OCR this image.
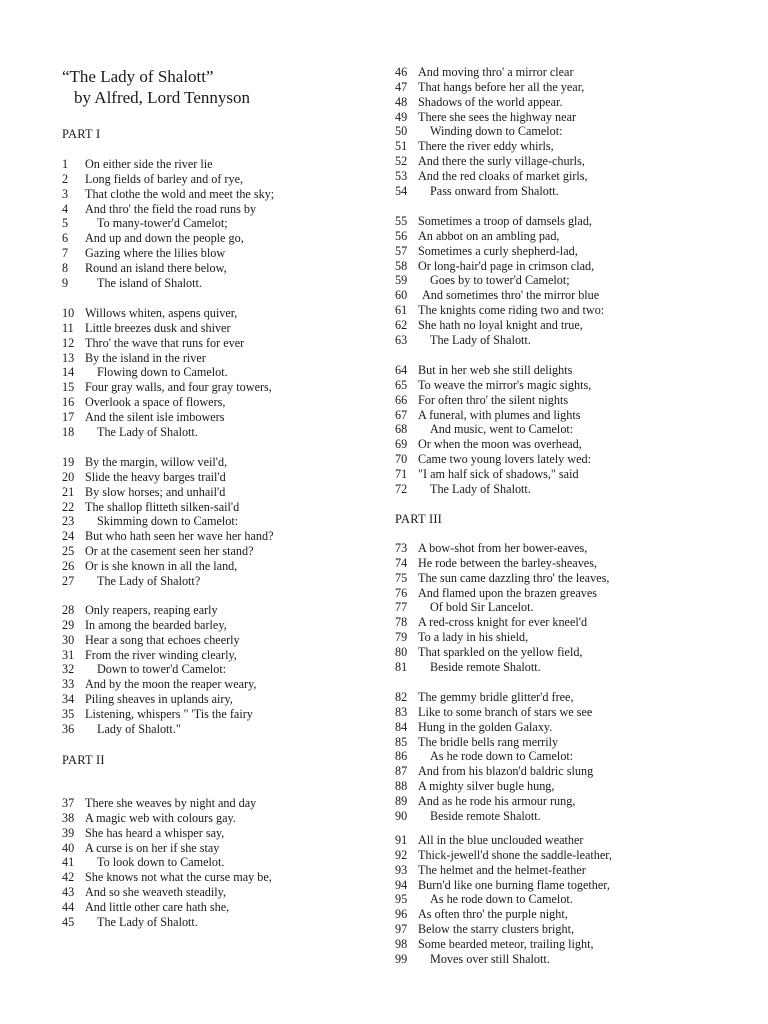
“The Lady of Shalott”
by Alfred, Lord Tennyson
PART I
PART II
PART III
1 On either side the river lie
2 Long fields of barley and of rye,
3 That clothe the wold and meet the sky;
4 And thro' the field the road runs by
5 To many-tower'd Camelot;
6 And up and down the people go,
7 Gazing where the lilies blow
8 Round an island there below,
9 The island of Shalott.
10 Willows whiten, aspens quiver,
11 Little breezes dusk and shiver
12 Thro' the wave that runs for ever
13 By the island in the river
14 Flowing down to Camelot.
15 Four gray walls, and four gray towers,
16 Overlook a space of flowers,
17 And the silent isle imbowers
18 The Lady of Shalott.
19 By the margin, willow veil'd,
20 Slide the heavy barges trail'd
21 By slow horses; and unhail'd
22 The shallop flitteth silken-sail'd
23 Skimming down to Camelot:
24 But who hath seen her wave her hand?
25 Or at the casement seen her stand?
26 Or is she known in all the land,
27 The Lady of Shalott?
28 Only reapers, reaping early
29 In among the bearded barley,
30 Hear a song that echoes cheerly
31 From the river winding clearly,
32 Down to tower'd Camelot:
33 And by the moon the reaper weary,
34 Piling sheaves in uplands airy,
35 Listening, whispers " 'Tis the fairy
36 Lady of Shalott."
37 There she weaves by night and day
38 A magic web with colours gay.
39 She has heard a whisper say,
40 A curse is on her if she stay
41 To look down to Camelot.
42 She knows not what the curse may be,
43 And so she weaveth steadily,
44 And little other care hath she,
45 The Lady of Shalott.
46 And moving thro' a mirror clear
47 That hangs before her all the year,
48 Shadows of the world appear.
49 There she sees the highway near
50 Winding down to Camelot:
51 There the river eddy whirls,
52 And there the surly village-churls,
53 And the red cloaks of market girls,
54 Pass onward from Shalott.
55 Sometimes a troop of damsels glad,
56 An abbot on an ambling pad,
57 Sometimes a curly shepherd-lad,
58 Or long-hair'd page in crimson clad,
59 Goes by to tower'd Camelot;
60 And sometimes thro' the mirror blue
61 The knights come riding two and two:
62 She hath no loyal knight and true,
63 The Lady of Shalott.
64 But in her web she still delights
65 To weave the mirror's magic sights,
66 For often thro' the silent nights
67 A funeral, with plumes and lights
68 And music, went to Camelot:
69 Or when the moon was overhead,
70 Came two young lovers lately wed:
71 "I am half sick of shadows," said
72 The Lady of Shalott.
73 A bow-shot from her bower-eaves,
74 He rode between the barley-sheaves,
75 The sun came dazzling thro' the leaves,
76 And flamed upon the brazen greaves
77 Of bold Sir Lancelot.
78 A red-cross knight for ever kneel'd
79 To a lady in his shield,
80 That sparkled on the yellow field,
81 Beside remote Shalott.
82 The gemmy bridle glitter'd free,
83 Like to some branch of stars we see
84 Hung in the golden Galaxy.
85 The bridle bells rang merrily
86 As he rode down to Camelot:
87 And from his blazon'd baldric slung
88 A mighty silver bugle hung,
89 And as he rode his armour rung,
90 Beside remote Shalott.
91 All in the blue unclouded weather
92 Thick-jewell'd shone the saddle-leather,
93 The helmet and the helmet-feather
94 Burn'd like one burning flame together,
95 As he rode down to Camelot.
96 As often thro' the purple night,
97 Below the starry clusters bright,
98 Some bearded meteor, trailing light,
99 Moves over still Shalott.
